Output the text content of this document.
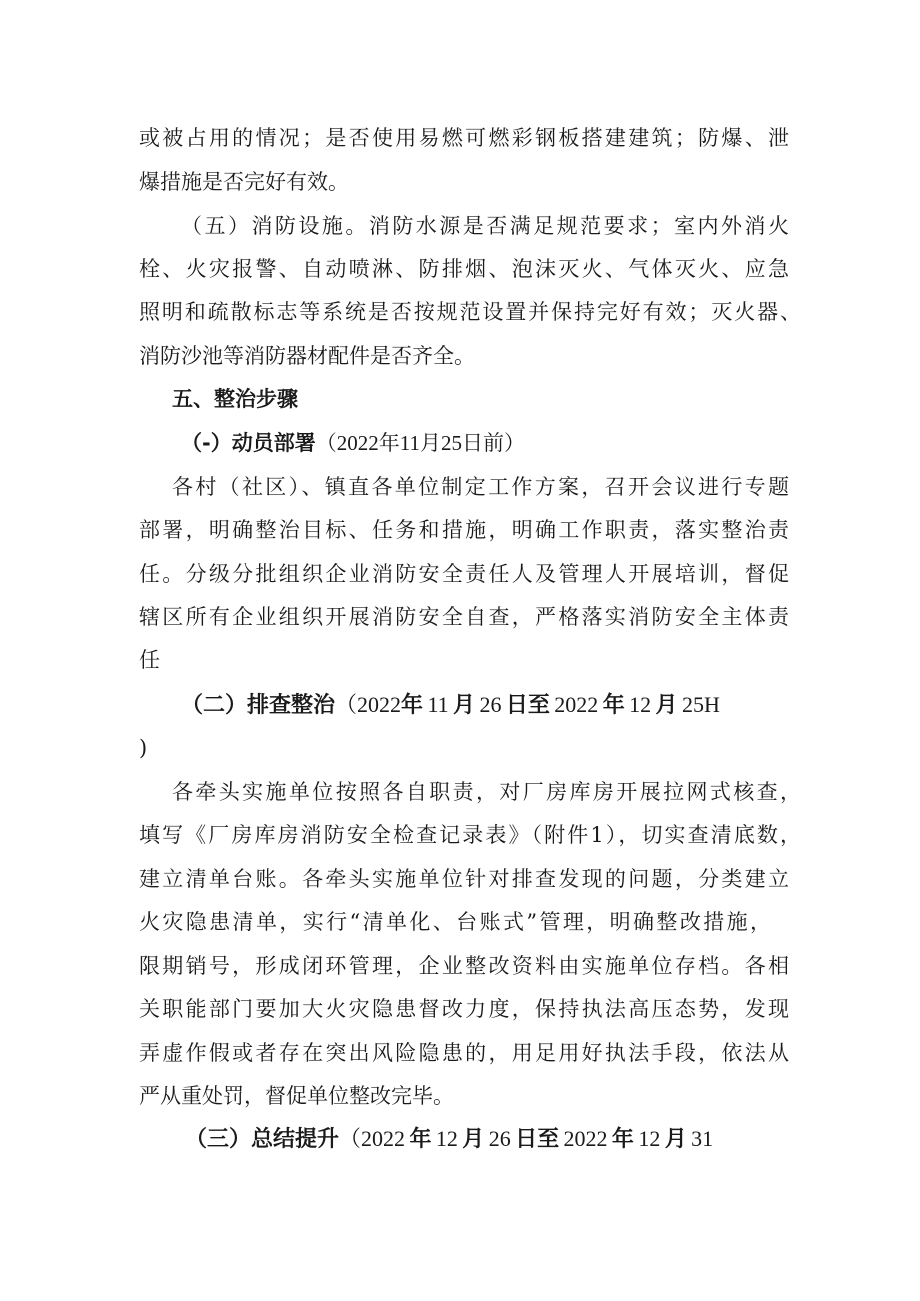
或被占用的情况；是否使用易燃可燃彩钢板搭建建筑；防爆、泄
爆措施是否完好有效。
（五）消防设施。消防水源是否满足规范要求；室内外消火
栓、火灾报警、自动喷淋、防排烟、泡沫灭火、气体灭火、应急
照明和疏散标志等系统是否按规范设置并保持完好有效；灭火器、
消防沙池等消防器材配件是否齐全。
五、整治步骤
（-）动员部署（2022年11月25日前）
各村（社区）、镇直各单位制定工作方案，召开会议进行专题
部署，明确整治目标、任务和措施，明确工作职责，落实整治责
任。分级分批组织企业消防安全责任人及管理人开展培训，督促
辖区所有企业组织开展消防安全自查，严格落实消防安全主体责
任
（二）排查整治（2022年  11  月  26  日至  2022  年  12  月  25H
)
各牵头实施单位按照各自职责，对厂房库房开展拉网式核查，
填写《厂房库房消防安全检查记录表》（附件1），切实查清底数，
建立清单台账。各牵头实施单位针对排查发现的问题，分类建立
火灾隐患清单，实行“清单化、台账式”管理，明确整改措施，
限期销号，形成闭环管理，企业整改资料由实施单位存档。各相
关职能部门要加大火灾隐患督改力度，保持执法高压态势，发现
弄虚作假或者存在突出风险隐患的，用足用好执法手段，依法从
严从重处罚，督促单位整改完毕。
（三）总结提升（2022  年  12  月  26  日至  2022  年  12  月  31
